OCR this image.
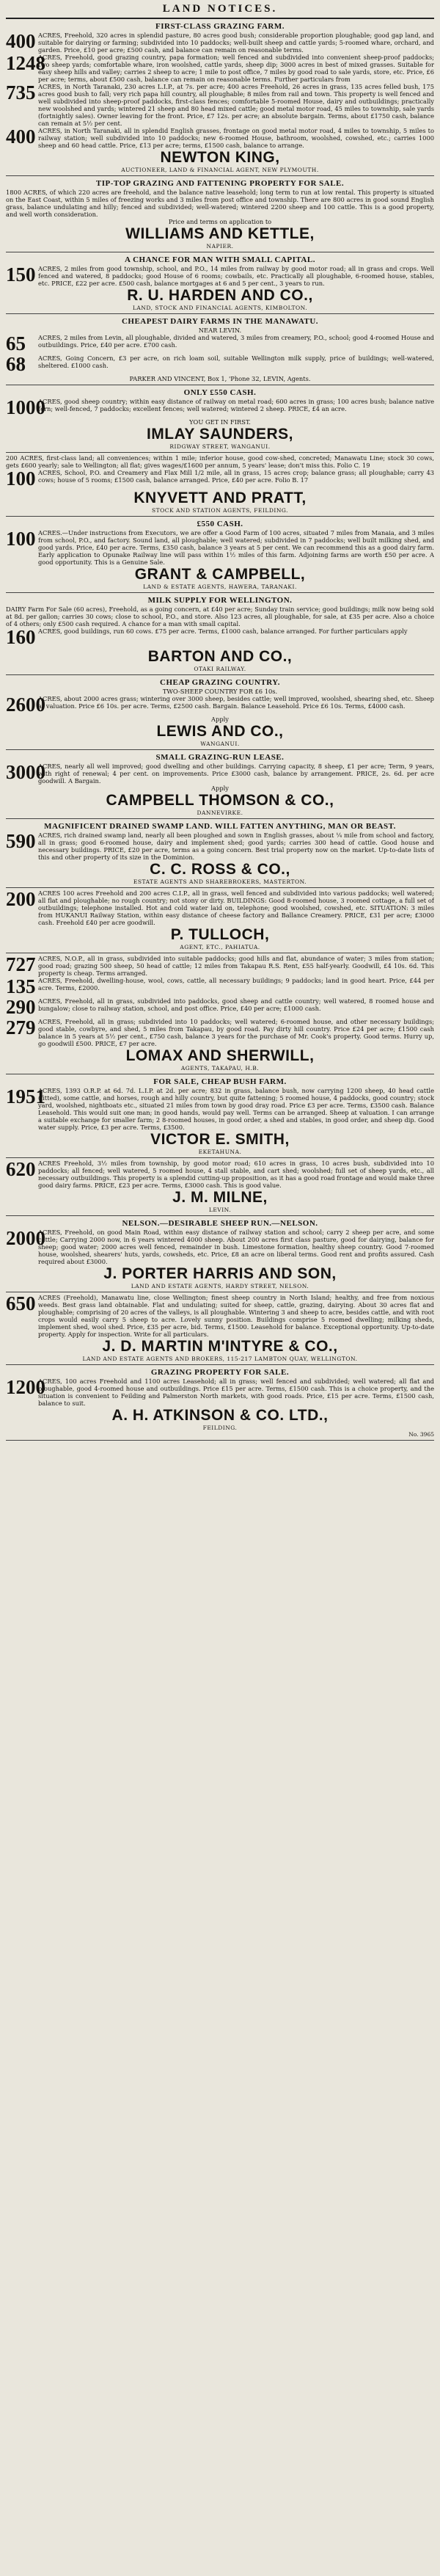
LAND NOTICES.
FIRST-CLASS GRAZING FARM.
400 ACRES, Freehold, 320 acres in splendid pasture, 80 acres good bush; considerable proportion ploughable; good gap land, and suitable for dairying or farming; subdivided into 10 paddocks; well-built sheep and cattle yards; 5-roomed whare, orchard, and garden. Price, £10 per acre; £500 cash, and balance can remain on reasonable terms.
1248
ACRES, Freehold, good grazing country, papa formation; well fenced and subdivided into convenient sheep-proof paddocks; two sheep yards; comfortable whare, iron woolshed, cattle yards, sheep dip; 3000 acres in best of mixed grasses. Suitable for easy sheep hills and valley; carries 2 sheep to acre; 1 mile to post office, 7 miles by good road to sale yards, store, etc. Price, £6 per acre; terms, about £500 cash, balance can remain on reasonable terms. Further particulars from
735 ACRES, in North Taranaki, 230 acres L.I.P., at 7s. per acre; 400 acres Freehold, 26 acres in grass, 135 acres felled bush, 175 acres good bush to fall; very rich papa hill country, all ploughable; 8 miles from rail and town. This property is well fenced and well subdivided into sheep-proof paddocks, first-class fences; comfortable 5-roomed House, dairy and outbuildings; practically new woolshed and yards; wintered 21 sheep and 80 head mixed cattle; good metal motor road, 45 miles to township, sale yards (fortnightly sales). Owner leaving for the front. Price, £7 12s. per acre; an absolute bargain. Terms, about £1750 cash, balance can remain at 5½ per cent.
400 ACRES, in North Taranaki, all in splendid English grasses, frontage on good metal motor road, 4 miles to township, 5 miles to railway station; well subdivided into 10 paddocks; new 6-roomed House, bathroom, woolshed, cowshed, etc.; carries 1000 sheep and 60 head cattle. Price, £13 per acre; terms, £1500 cash, balance to arrange.
NEWTON KING,
AUCTIONEER, LAND & FINANCIAL AGENT, NEW PLYMOUTH.
TIP-TOP GRAZING AND FATTENING PROPERTY FOR SALE.
1800 ACRES, of which 220 acres are freehold, and the balance native leasehold; long term to run at low rental. This property is situated on the East Coast, within 5 miles of freezing works and 3 miles from post office and township. There are 800 acres in good sound English grass, balance undulating and hilly; fenced and subdivided; well-watered; wintered 2200 sheep and 100 cattle. This is a good property, and well worth consideration.
Price and terms on application to
WILLIAMS AND KETTLE,
NAPIER.
A CHANCE FOR MAN WITH SMALL CAPITAL.
150 ACRES, 2 miles from good township, school, and P.O., 14 miles from railway by good motor road; all in grass and crops. Well fenced and watered, 8 paddocks; good House of 6 rooms; cowbails, etc. Practically all ploughable, 6-roomed house, stables, etc. PRICE, £22 per acre. £500 cash, balance mortgages at 6 and 5 per cent., 3 years to run.
R. U. HARDEN AND CO.,
LAND, STOCK AND FINANCIAL AGENTS, KIMBOLTON.
CHEAPEST DAIRY FARMS IN THE MANAWATU.
NEAR LEVIN.
65 ACRES, 2 miles from Levin, all ploughable, divided and watered, 3 miles from creamery, P.O., school; good 4-roomed House and outbuildings. Price, £40 per acre. £700 cash.
68 ACRES, Going Concern, £3 per acre, on rich loam soil, suitable Wellington milk supply, price of buildings; well-watered, sheltered. £1000 cash.
PARKER AND VINCENT, Box 1, 'Phone 32, LEVIN, Agents.
ONLY £550 CASH.
1000
ACRES, good sheep country; within easy distance of railway on metal road; 600 acres in grass; 100 acres bush; balance native fern; well-fenced, 7 paddocks; excellent fences; well watered; wintered 2 sheep. PRICE, £4 an acre.
YOU GET IN FIRST.
IMLAY SAUNDERS,
RIDGWAY STREET, WANGANUI.
200 ACRES, first-class land; all conveniences; within 1 mile; inferior house, good cow-shed, concreted; Manawatu Line; stock 30 cows, gets £600 yearly; sale to Wellington; all flat; gives wages/£1600 per annum, 5 years' lease; don't miss this. Folio C. 19
100 ACRES, School, P.O. and Creamery and Flax Mill 1/2 mile, all in grass, 15 acres crop; balance grass; all ploughable; carry 43 cows; house of 5 rooms; £1500 cash, balance arranged. Price, £40 per acre. Folio B. 17
KNYVETT AND PRATT,
STOCK AND STATION AGENTS, FEILDING.
£550 CASH.
100 ACRES.—Under instructions from Executors, we are offer a Good Farm of 100 acres, situated 7 miles from Manaia, and 3 miles from school, P.O., and factory. Sound land, all ploughable; well watered; subdivided in 7 paddocks; well built milking shed, and good yards. Price, £40 per acre. Terms, £350 cash, balance 3 years at 5 per cent. We can recommend this as a good dairy farm. Early application to Opunake Railway line will pass within 1½ miles of this farm. Adjoining farms are worth £50 per acre. A good opportunity. This is a Genuine Sale.
GRANT & CAMPBELL,
LAND & ESTATE AGENTS, HAWERA, TARANAKI.
MILK SUPPLY FOR WELLINGTON.
DAIRY Farm For Sale (60 acres), Freehold, as a going concern, at £40 per acre; Sunday train service; good buildings; milk now being sold at 8d. per gallon; carries 30 cows; close to school, P.O., and store. Also 123 acres, all ploughable, for sale, at £35 per acre. Also a choice of 4 others; only £500 cash required. A chance for a man with small capital.
160 ACRES, good buildings, run 60 cows. £75 per acre. Terms, £1000 cash, balance arranged. For further particulars apply
BARTON AND CO.,
OTAKI RAILWAY.
CHEAP GRAZING COUNTRY.
TWO-SHEEP COUNTRY FOR £6 10s.
2600
ACRES, about 2000 acres grass; wintering over 3000 sheep, besides cattle; well improved, woolshed, shearing shed, etc. Sheep at valuation. Price £6 10s. per acre. Terms, £2500 cash. Bargain. Balance Leasehold. Price £6 10s. Terms, £4000 cash.
Apply
LEWIS AND CO.,
WANGANUI.
SMALL GRAZING-RUN LEASE.
3000
ACRES, nearly all well improved; good dwelling and other buildings. Carrying capacity, 8 sheep, £1 per acre; Term, 9 years, with right of renewal; 4 per cent. on improvements. Price £3000 cash, balance by arrangement. PRICE, 2s. 6d. per acre goodwill. A Bargain.
Apply
CAMPBELL THOMSON & CO.,
DANNEVIRKE.
MAGNIFICENT DRAINED SWAMP LAND. WILL FATTEN ANYTHING, MAN OR BEAST.
590 ACRES, rich drained swamp land, nearly all been ploughed and sown in English grasses, about ¼ mile from school and factory, all in grass; good 6-roomed house, dairy and implement shed; good yards; carries 300 head of cattle. Good house and necessary buildings. PRICE, £20 per acre, terms as a going concern. Best trial property now on the market. Up-to-date lists of this and other property of its size in the Dominion.
C. C. ROSS & CO.,
ESTATE AGENTS AND SHAREBROKERS, MASTERTON.
200 ACRES 100 acres Freehold and 200 acres C.I.P., all in grass, well fenced and subdivided into various paddocks; well watered; all flat and ploughable; no rough country; not stony or dirty. BUILDINGS: Good 8-roomed house, 3 roomed cottage, a full set of outbuildings; telephone installed. Hot and cold water laid on, telephone; good woolshed, cowshed, etc. SITUATION: 3 miles from HUKANUI Railway Station, within easy distance of cheese factory and Ballance Creamery. PRICE, £31 per acre; £3000 cash. Freehold £40 per acre goodwill.
P. TULLOCH,
AGENT, ETC., PAHIATUA.
727 ACRES, N.O.P., all in grass, subdivided into suitable paddocks; good hills and flat, abundance of water; 3 miles from station; good road; grazing 500 sheep, 50 head of cattle; 12 miles from Takapau R.S. Rent, £55 half-yearly. Goodwill, £4 10s. 6d. This property is cheap. Terms arranged.
135 ACRES, Freehold, dwelling-house, wool, cows, cattle, all necessary buildings; 9 paddocks; land in good heart. Price, £44 per acre. Terms, £2000.
290 ACRES, Freehold, all in grass, subdivided into paddocks, good sheep and cattle country; well watered, 8 roomed house and bungalow; close to railway station, school, and post office. Price, £40 per acre; £1000 cash.
279 ACRES, Freehold, all in grass; subdivided into 10 paddocks; well watered; 6-roomed house, and other necessary buildings; good stable, cowbyre, and shed, 5 miles from Takapau, by good road. Pay dirty hill country. Price £24 per acre; £1500 cash balance in 5 years at 5½ per cent., £750 cash, balance 3 years for the purchase of Mr. Cook's property. Good terms. Hurry up, go goodwill £500. PRICE, £7 per acre.
LOMAX AND SHERWILL,
AGENTS, TAKAPAU, H.B.
FOR SALE, CHEAP BUSH FARM.
1951
ACRES, 1393 O.R.P. at 6d. 7d. L.I.P. at 2d. per acre; 832 in grass, balance bush, now carrying 1200 sheep, 40 head cattle (fitted), some cattle, and horses, rough and hilly country, but quite fattening; 5 roomed house, 4 paddocks, good country; stock yard, woolshed, nightboats etc., situated 21 miles from town by good dray road. Price £3 per acre. Terms, £3500 cash. Balance Leasehold. This would suit one man; in good hands, would pay well. Terms can be arranged. Sheep at valuation. I can arrange a suitable exchange for smaller farm; 2 8-roomed houses, in good order, a shed and stables, in good order, and sheep dip. Good water supply. Price, £3 per acre. Terms, £3500.
VICTOR E. SMITH,
EKETAHUNA.
620 ACRES Freehold, 3½ miles from township, by good motor road; 610 acres in grass, 10 acres bush, subdivided into 10 paddocks; all fenced; well watered, 5 roomed house, 4 stall stable, and cart shed; woolshed; full set of sheep yards, etc., all necessary outbuildings. This property is a splendid cutting-up proposition, as it has a good road frontage and would make three good dairy farms. PRICE, £23 per acre. Terms, £3000 cash. This is good value.
J. M. MILNE,
LEVIN.
NELSON.—DESIRABLE SHEEP RUN.—NELSON.
2000
ACRES, Freehold, on good Main Road, within easy distance of railway station and school; carry 2 sheep per acre, and some cattle; Carrying 2000 now, in 6 years wintered 4000 sheep. About 200 acres first class pasture, good for dairying, balance for sheep; good water; 2000 acres well fenced, remainder in bush. Limestone formation, healthy sheep country. Good 7-roomed house, woolshed, shearers' huts, yards, cowsheds, etc. Price, £8 an acre on liberal terms. Good rent and profits assured. Cash required about £3000.
J. PORTER HARRIS AND SON,
LAND AND ESTATE AGENTS, HARDY STREET, NELSON.
650 ACRES (Freehold), Manawatu line, close Wellington; finest sheep country in North Island; healthy, and free from noxious weeds. Best grass land obtainable. Flat and undulating; suited for sheep, cattle, grazing, dairying. About 30 acres flat and ploughable; comprising of 20 acres of the valleys, is all ploughable. Wintering 3 and sheep to acre, besides cattle, and with root crops would easily carry 5 sheep to acre. Lovely sunny position. Buildings comprise 5 roomed dwelling; milking sheds, implement shed, wool shed. Price, £35 per acre, bid. Terms, £1500. Leasehold for balance. Exceptional opportunity. Up-to-date property. Apply for inspection. Write for all particulars.
J. D. MARTIN M'INTYRE & CO.,
LAND AND ESTATE AGENTS AND BROKERS, 115-217 LAMBTON QUAY, WELLINGTON.
GRAZING PROPERTY FOR SALE.
1200
ACRES, 100 acres Freehold and 1100 acres Leasehold; all in grass; well fenced and subdivided; well watered; all flat and ploughable, good 4-roomed house and outbuildings. Price £15 per acre. Terms, £1500 cash. This is a choice property, and the situation is convenient to Feilding and Palmerston North markets, with good roads. Price, £15 per acre. Terms, £1500 cash, balance to suit.
A. H. ATKINSON & CO. LTD.,
FEILDING.
No. 3965
